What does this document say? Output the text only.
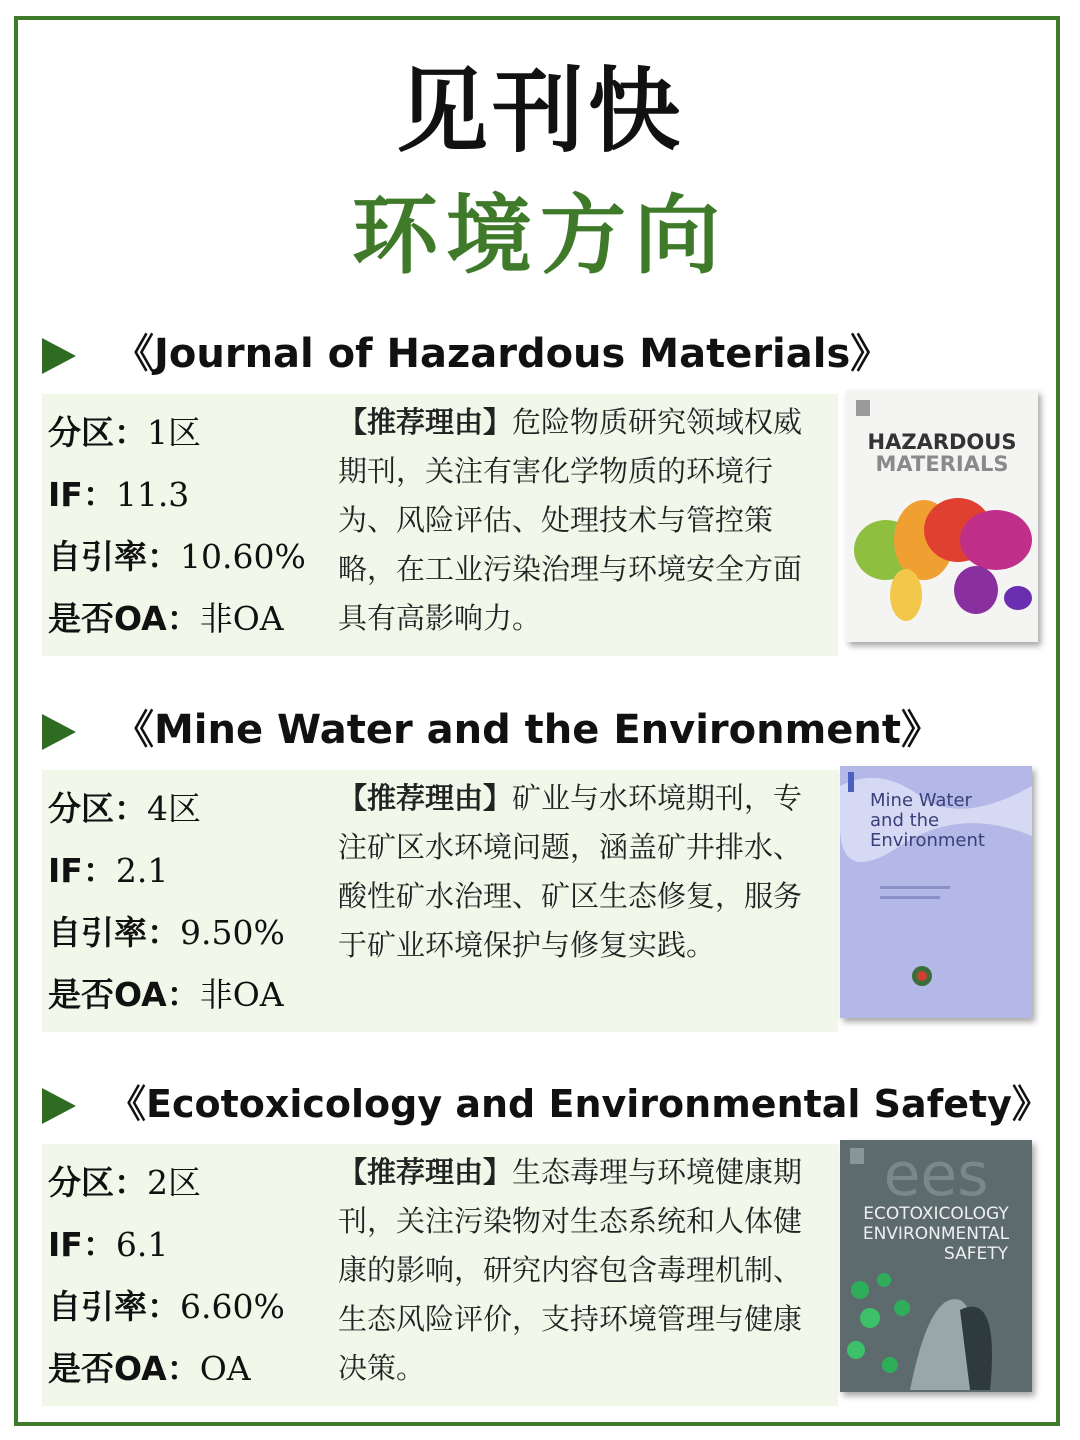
见刊快
环境方向
《Journal of Hazardous Materials》
分区：1区
IF：11.3
自引率：10.60%
是否OA：非OA
【推荐理由】危险物质研究领域权威期刊，关注有害化学物质的环境行为、风险评估、处理技术与管控策略，在工业污染治理与环境安全方面具有高影响力。
HAZARDOUS
MATERIALS
《Mine Water and the Environment》
分区：4区
IF：2.1
自引率：9.50%
是否OA：非OA
【推荐理由】矿业与水环境期刊，专注矿区水环境问题，涵盖矿井排水、酸性矿水治理、矿区生态修复，服务于矿业环境保护与修复实践。
Mine Water
and the
Environment
《Ecotoxicology and Environmental Safety》
分区：2区
IF：6.1
自引率：6.60%
是否OA：OA
【推荐理由】生态毒理与环境健康期刊，关注污染物对生态系统和人体健康的影响，研究内容包含毒理机制、生态风险评价，支持环境管理与健康决策。
ees
ECOTOXICOLOGY
ENVIRONMENTAL
SAFETY
